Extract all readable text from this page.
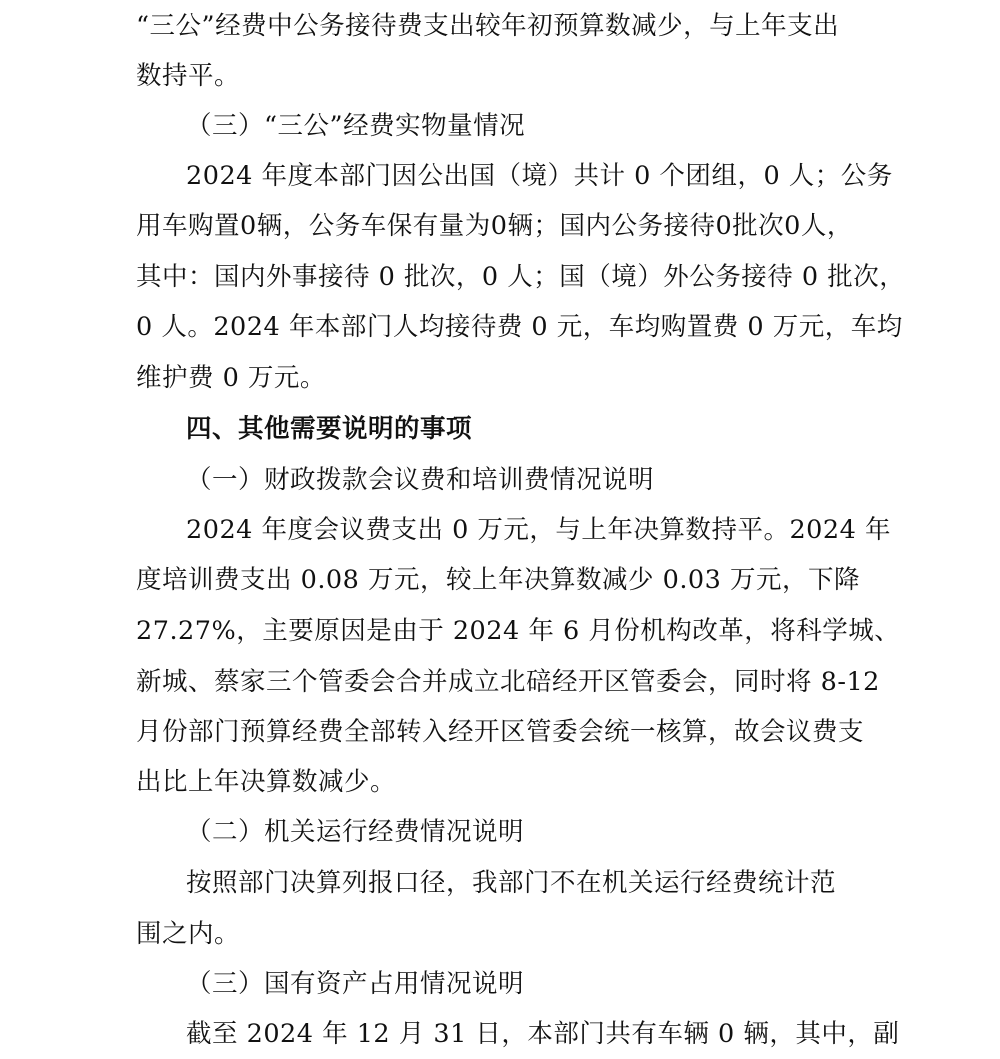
“三公”经费中公务接待费支出较年初预算数减少，与上年支出
数持平。
（三）“三公”经费实物量情况
2024 年度本部门因公出国（境）共计 0 个团组，0 人；公务
用车购置0辆，公务车保有量为0辆；国内公务接待0批次0人，
其中：国内外事接待 0 批次，0 人；国（境）外公务接待 0 批次，
0 人。2024 年本部门人均接待费 0 元，车均购置费 0 万元，车均
维护费 0 万元。
四、其他需要说明的事项
（一）财政拨款会议费和培训费情况说明
2024 年度会议费支出 0 万元，与上年决算数持平。2024 年
度培训费支出 0.08 万元，较上年决算数减少 0.03 万元，下降
27.27%，主要原因是由于 2024 年 6 月份机构改革，将科学城、
新城、蔡家三个管委会合并成立北碚经开区管委会，同时将 8-12
月份部门预算经费全部转入经开区管委会统一核算，故会议费支
出比上年决算数减少。
（二）机关运行经费情况说明
按照部门决算列报口径，我部门不在机关运行经费统计范
围之内。
（三）国有资产占用情况说明
截至 2024 年 12 月 31 日，本部门共有车辆 0 辆，其中，副
